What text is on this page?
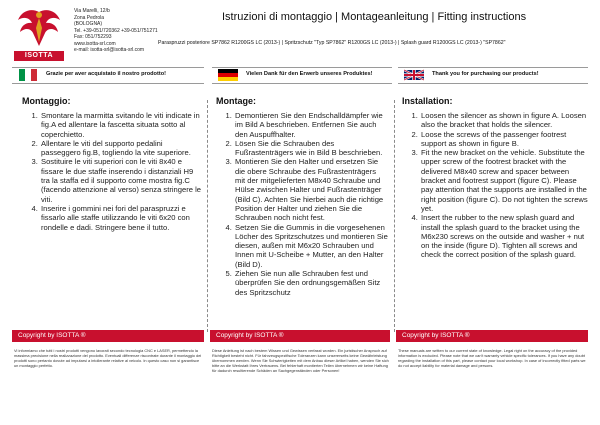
ISOTTA
Via Marelli, 12/b
Zona Pedrola
(BOLOGNA)
Tel. +39-051/720362 +39-051/751271
Fax: 051/752293
www.isotta-srl.com
e-mail: isotta-srl@isotta-srl.com
Istruzioni di montaggio | Montageanleitung | Fitting instructions
Paraspruzzi posteriore SP7862 R1200GS LC (2013-) | Spritzschutz "Typ SP7862" R1200GS LC (2013-) | Splash guard R1200GS LC (2013-) "SP7862"
Grazie per aver acquistato il nostro prodotto!	Vielen Dank für den Erwerb unseres Produktes!	Thank you for purchasing our products!
Montaggio:
1. Smontare la marmitta svitando le viti indicate in fig.A ed allentare la fascetta situata sotto al coperchietto.
2. Allentare le viti del supporto pedalini passeggero fig.B, togliendo la vite superiore.
3. Sostituire le viti superiori con le viti 8x40 e fissare le due staffe inserendo i distanziali H9 tra la staffa ed il supporto come mostra fig.C (facendo attenzione al verso) senza stringere le viti.
4. Inserire i gommini nei fori del paraspruzzi e fissarlo alle staffe utilizzando le viti 6x20 con rondelle e dadi. Stringere bene il tutto.
Montage:
1. Demontieren Sie den Endschalldämpfer wie im Bild A beschrieben. Entfernen Sie auch den Auspuffhalter.
2. Lösen Sie die Schrauben des Fußrastenträgers wie in Bild B beschrieben.
3. Montieren Sie den Halter und ersetzen Sie die obere Schraube des Fußrastenträgers mit der mitgelieferten M8x40 Schraube und Hülse zwischen Halter und Fußrastenträger (Bild C). Achten Sie hierbei auch die richtige Position der Halter und ziehen Sie die Schrauben noch nicht fest.
4. Setzen Sie die Gummis in die vorgesehenen Löcher des Spritzschutzes und montieren Sie diesen, außen mit M6x20 Schrauben und Innen mit U-Scheibe + Mutter, an den Halter (Bild D).
5. Ziehen Sie nun alle Schrauben fest und überprüfen Sie den ordnungsgemäßen Sitz des Spritzschutz
Installation:
1. Loosen the silencer as shown in figure A. Loosen also the bracket that holds the silencer.
2. Loose the screws of the passenger footrest support as shown in figure B.
3. Fit the new bracket on the vehicle. Substitute the upper screw of the footrest bracket with the delivered M8x40 screw and spacer between bracket and footrest support (figure C). Please pay attention that the supports are installed in the right position (figure C). Do not tighten the screws yet.
4. Insert the rubber to the new splash guard and install the splash guard to the bracket using the M6x230 screws on the outside and washer + nut on the inside (figure D). Tighten all screws and check the correct position of the splash guard.
Copyright by ISOTTA ®	Copyright by ISOTTA ®	Copyright by ISOTTA ®
Vi informiamo che tutti i nostri prodotti vengono lavorati secondo tecnologia CNC e LASER, permettendo la massima precisione nella realizzazione del prodotto. Eventuali differenze riscontrate durante il montaggio dei prodotti sono pertanto dovute ad imputarsi a intollerante relative al veicolo. In questo caso non si garantisce un montaggio perfetto.
Diese Anleitung ist nach bestem Wissen und Gewissen verfasst worden. Ein juristischer Anspruch auf Richtigkeit besteht nicht. Für fahrzeugspezifische Toleranzen kann unsererseits keine Gewährleistung übernommen werden. Wenn Sie Schwierigkeiten mit dem Anbau dieser Artikel haben, wenden Sie sich bitte an die Werkstatt Ihres Vertrauens. Bei fehlerhaft montierten Teilen übernehmen wir keine Haftung für dadurch resultierende Schäden an Sachgegenständen oder Personen!
These manuals are written to our current state of knowledge. Legal right on the accuracy of the provided information is excluded. Please note that we can't warranty vehicle specific tolerances. If you have any doubt regarding the installation of this part, please contact your local workshop. In case of incorrectly fitted parts we do not accept liability for material damage and persons.
